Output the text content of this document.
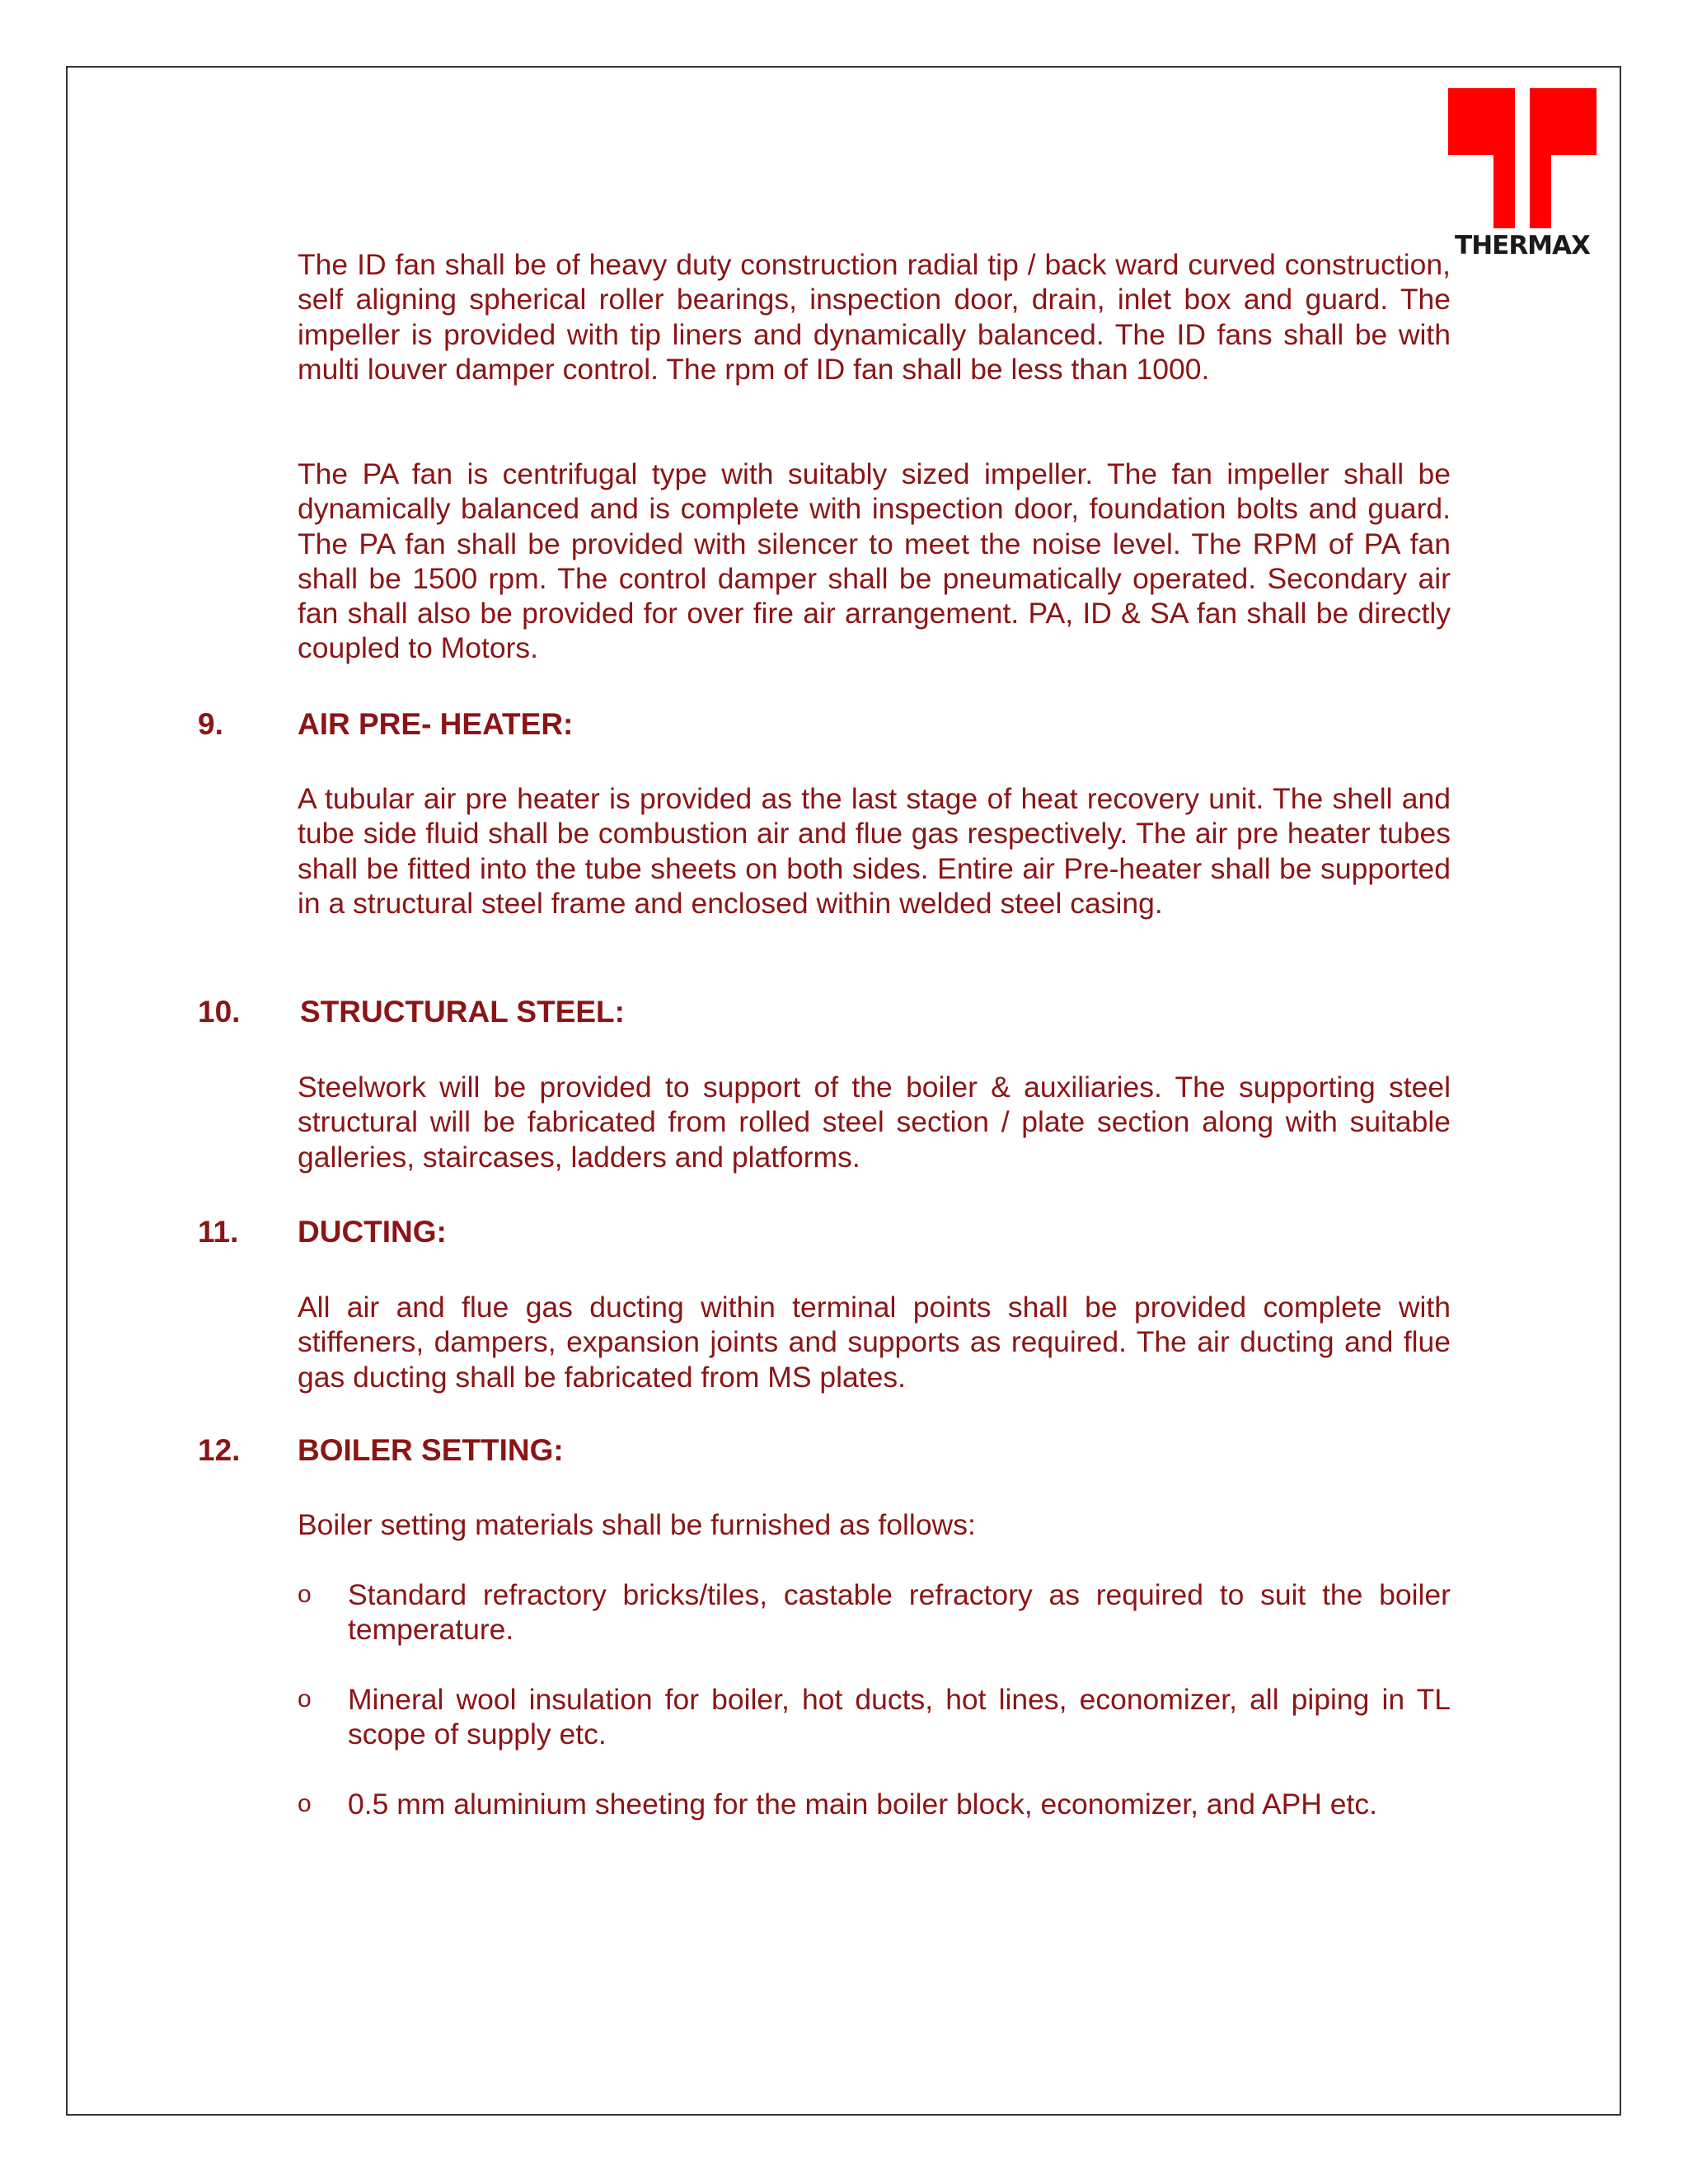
THERMAX

The ID fan shall be of heavy duty construction radial tip / back ward curved construction, self aligning spherical roller bearings, inspection door, drain, inlet box and guard. The impeller is provided with tip liners and dynamically balanced. The ID fans shall be with multi louver damper control. The rpm of ID fan shall be less than 1000.

The PA fan is centrifugal type with suitably sized impeller. The fan impeller shall be dynamically balanced and is complete with inspection door, foundation bolts and guard. The PA fan shall be provided with silencer to meet the noise level. The RPM of PA fan shall be 1500 rpm. The control damper shall be pneumatically operated. Secondary air fan shall also be provided for over fire air arrangement. PA, ID & SA fan shall be directly coupled to Motors.

9. AIR PRE- HEATER:

A tubular air pre heater is provided as the last stage of heat recovery unit. The shell and tube side fluid shall be combustion air and flue gas respectively. The air pre heater tubes shall be fitted into the tube sheets on both sides. Entire air Pre-heater shall be supported in a structural steel frame and enclosed within welded steel casing.

10. STRUCTURAL STEEL:

Steelwork will be provided to support of the boiler & auxiliaries. The supporting steel structural will be fabricated from rolled steel section / plate section along with suitable galleries, staircases, ladders and platforms.

11. DUCTING:

All air and flue gas ducting within terminal points shall be provided complete with stiffeners, dampers, expansion joints and supports as required. The air ducting and flue gas ducting shall be fabricated from MS plates.

12. BOILER SETTING:

Boiler setting materials shall be furnished as follows:

o Standard refractory bricks/tiles, castable refractory as required to suit the boiler temperature.
o Mineral wool insulation for boiler, hot ducts, hot lines, economizer, all piping in TL scope of supply etc.
o 0.5 mm aluminium sheeting for the main boiler block, economizer, and APH etc.
